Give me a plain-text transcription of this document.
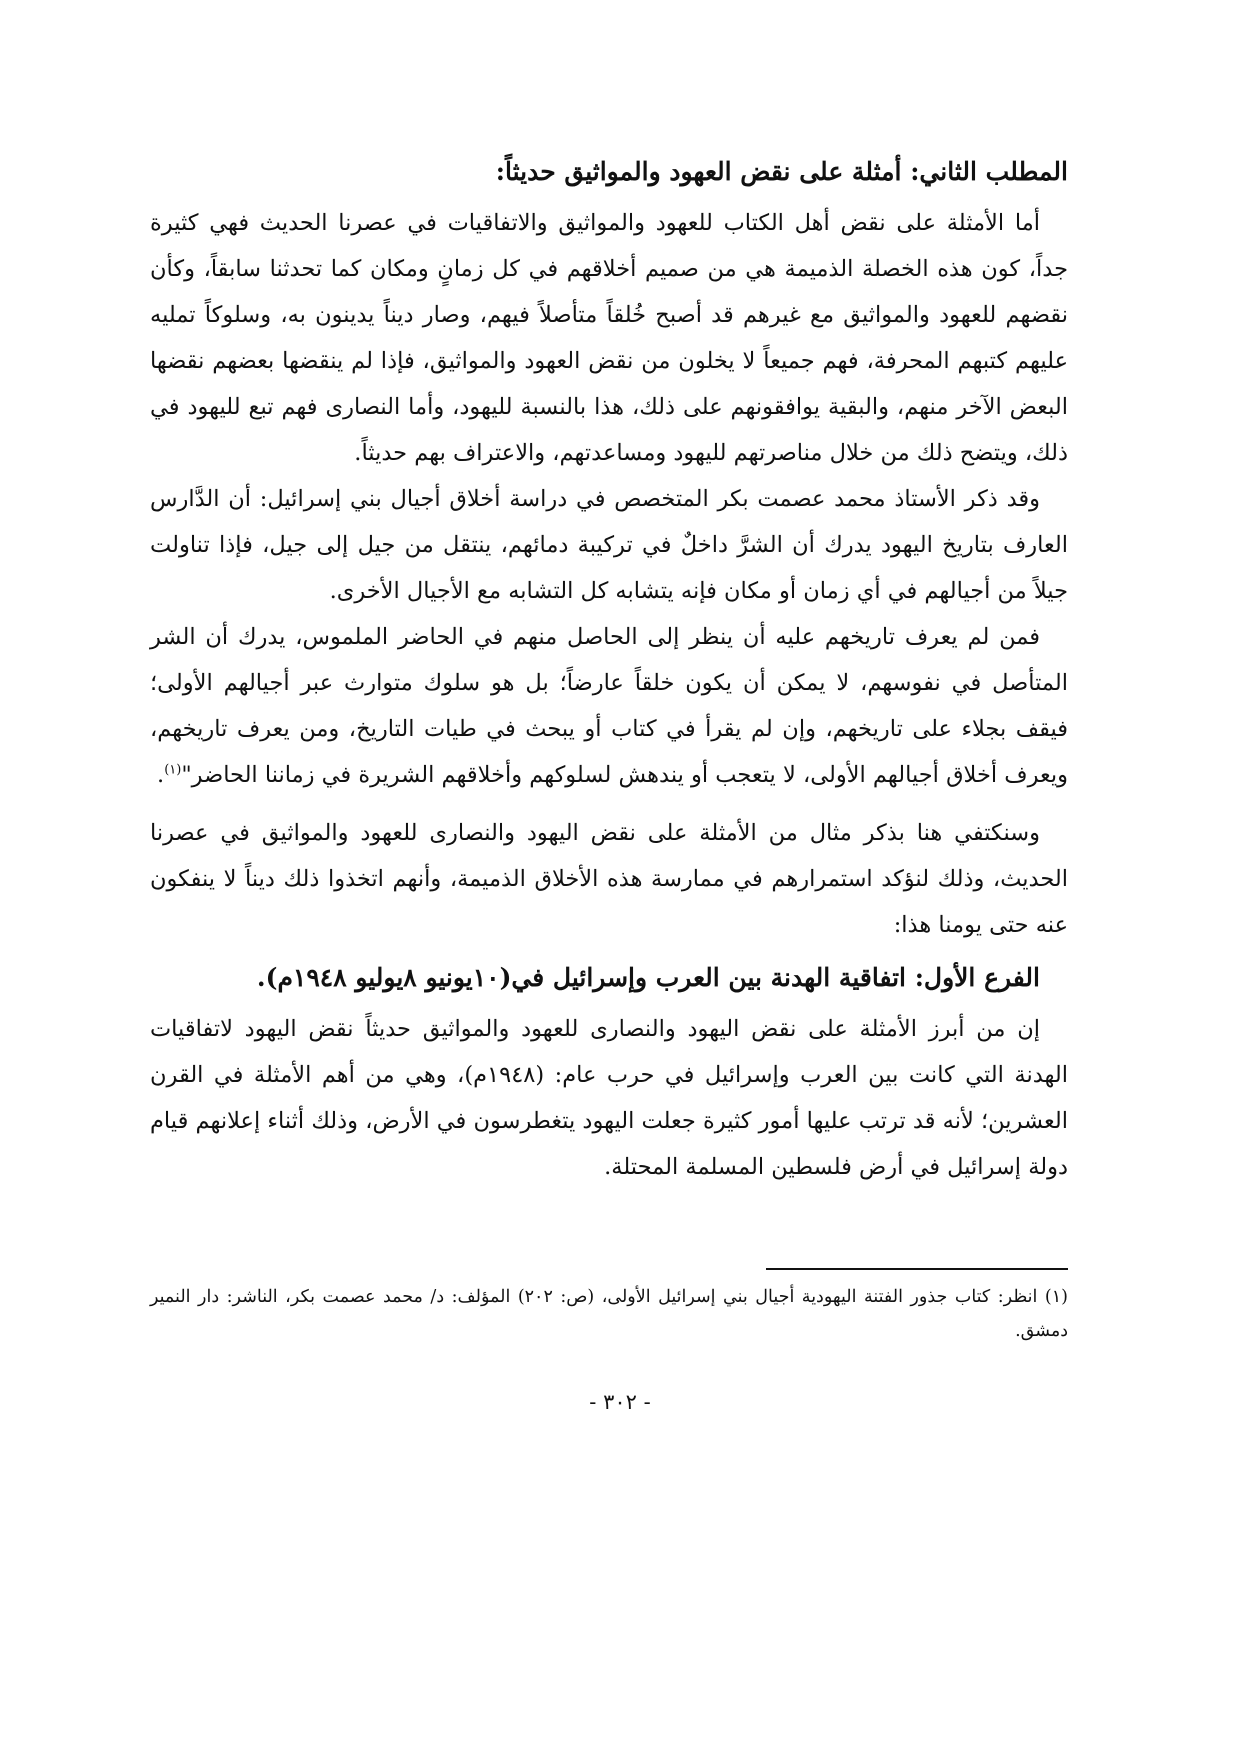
المطلب الثاني: أمثلة على نقض العهود والمواثيق حديثاً:

أما الأمثلة على نقض أهل الكتاب للعهود والمواثيق والاتفاقيات في عصرنا الحديث فهي كثيرة جداً، كون هذه الخصلة الذميمة هي من صميم أخلاقهم في كل زمانٍ ومكان كما تحدثنا سابقاً، وكأن نقضهم للعهود والمواثيق مع غيرهم قد أصبح خُلقاً متأصلاً فيهم، وصار ديناً يدينون به، وسلوكاً تمليه عليهم كتبهم المحرفة، فهم جميعاً لا يخلون من نقض العهود والمواثيق، فإذا لم ينقضها بعضهم نقضها البعض الآخر منهم، والبقية يوافقونهم على ذلك، هذا بالنسبة لليهود، وأما النصارى فهم تبع لليهود في ذلك، ويتضح ذلك من خلال مناصرتهم لليهود ومساعدتهم، والاعتراف بهم حديثاً.

وقد ذكر الأستاذ محمد عصمت بكر المتخصص في دراسة أخلاق أجيال بني إسرائيل: أن الدَّارس العارف بتاريخ اليهود يدرك أن الشرَّ داخلٌ في تركيبة دمائهم، ينتقل من جيل إلى جيل، فإذا تناولت جيلاً من أجيالهم في أي زمان أو مكان فإنه يتشابه كل التشابه مع الأجيال الأخرى.

فمن لم يعرف تاريخهم عليه أن ينظر إلى الحاصل منهم في الحاضر الملموس، يدرك أن الشر المتأصل في نفوسهم، لا يمكن أن يكون خلقاً عارضاً؛ بل هو سلوك متوارث عبر أجيالهم الأولى؛ فيقف بجلاء على تاريخهم، وإن لم يقرأ في كتاب أو يبحث في طيات التاريخ، ومن يعرف تاريخهم، ويعرف أخلاق أجيالهم الأولى، لا يتعجب أو يندهش لسلوكهم وأخلاقهم الشريرة في زماننا الحاضر"$^{(١)}$.

وسنكتفي هنا بذكر مثال من الأمثلة على نقض اليهود والنصارى للعهود والمواثيق في عصرنا الحديث، وذلك لنؤكد استمرارهم في ممارسة هذه الأخلاق الذميمة، وأنهم اتخذوا ذلك ديناً لا ينفكون عنه حتى يومنا هذا:

الفرع الأول: اتفاقية الهدنة بين العرب وإسرائيل في(١٠يونيو ٨يوليو ١٩٤٨م).

إن من أبرز الأمثلة على نقض اليهود والنصارى للعهود والمواثيق حديثاً نقض اليهود لاتفاقيات الهدنة التي كانت بين العرب وإسرائيل في حرب عام: (١٩٤٨م)، وهي من أهم الأمثلة في القرن العشرين؛ لأنه قد ترتب عليها أمور كثيرة جعلت اليهود يتغطرسون في الأرض، وذلك أثناء إعلانهم قيام دولة إسرائيل في أرض فلسطين المسلمة المحتلة.

(١) انظر: كتاب جذور الفتنة اليهودية أجيال بني إسرائيل الأولى، (ص: ٢٠٢) المؤلف: د/ محمد عصمت بكر، الناشر: دار النمير دمشق.

- ٣٠٢ -
